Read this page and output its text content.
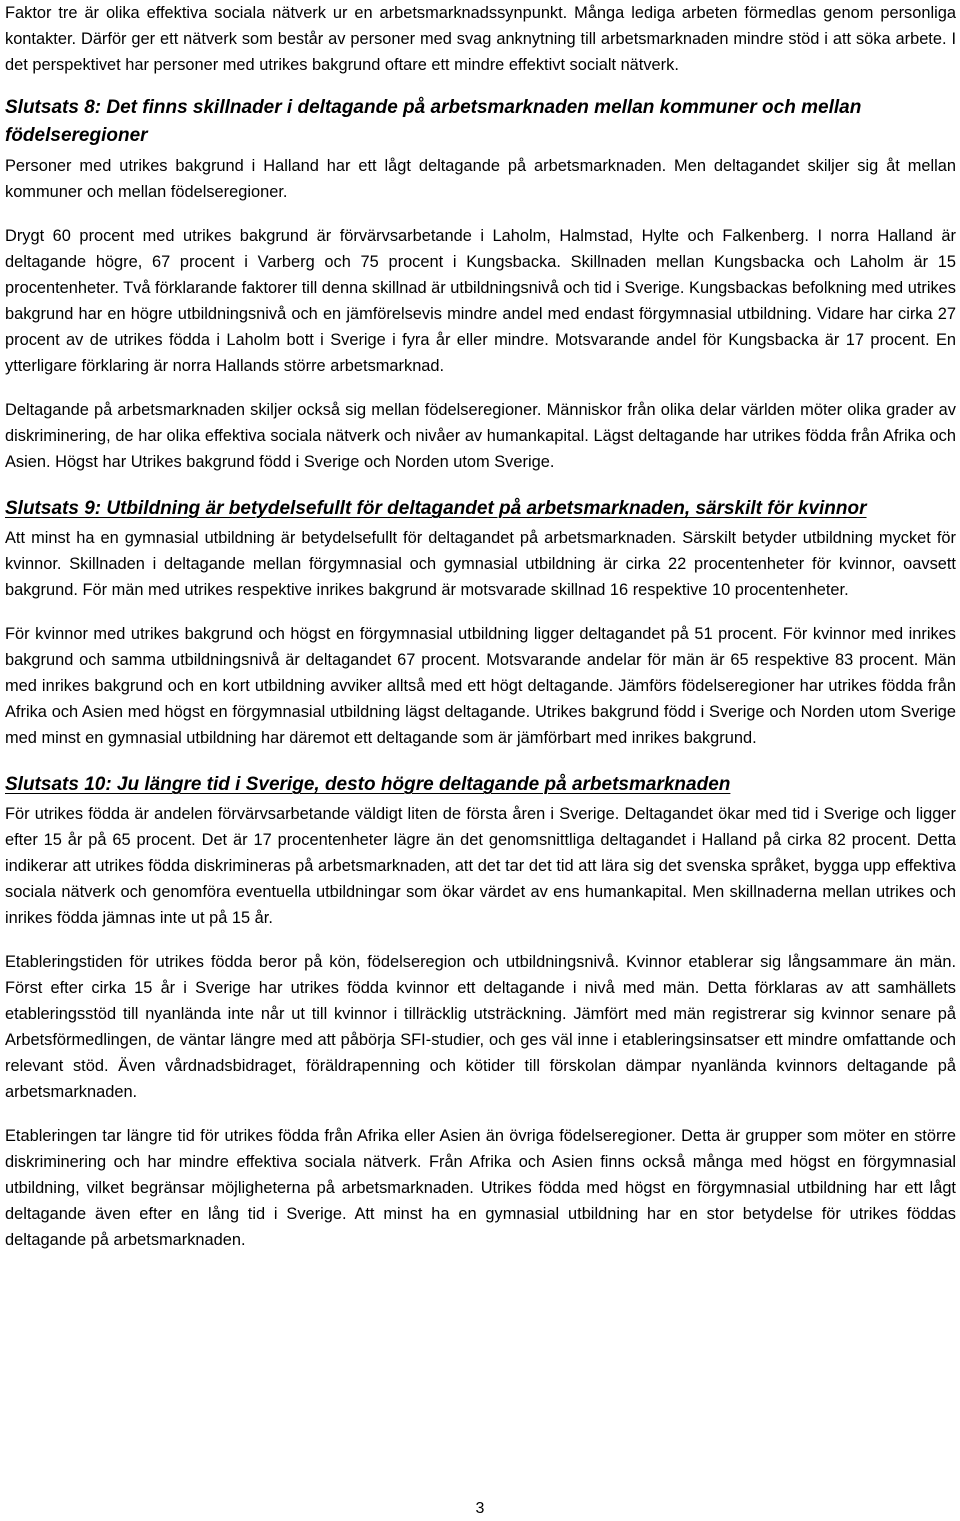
Faktor tre är olika effektiva sociala nätverk ur en arbetsmarknadssynpunkt. Många lediga arbeten förmedlas genom personliga kontakter. Därför ger ett nätverk som består av personer med svag anknytning till arbetsmarknaden mindre stöd i att söka arbete. I det perspektivet har personer med utrikes bakgrund oftare ett mindre effektivt socialt nätverk.

Slutsats 8: Det finns skillnader i deltagande på arbetsmarknaden mellan kommuner och mellan födelseregioner

Personer med utrikes bakgrund i Halland har ett lågt deltagande på arbetsmarknaden. Men deltagandet skiljer sig åt mellan kommuner och mellan födelseregioner.

Drygt 60 procent med utrikes bakgrund är förvärvsarbetande i Laholm, Halmstad, Hylte och Falkenberg. I norra Halland är deltagande högre, 67 procent i Varberg och 75 procent i Kungsbacka. Skillnaden mellan Kungsbacka och Laholm är 15 procentenheter. Två förklarande faktorer till denna skillnad är utbildningsnivå och tid i Sverige. Kungsbackas befolkning med utrikes bakgrund har en högre utbildningsnivå och en jämförelsevis mindre andel med endast förgymnasial utbildning. Vidare har cirka 27 procent av de utrikes födda i Laholm bott i Sverige i fyra år eller mindre. Motsvarande andel för Kungsbacka är 17 procent. En ytterligare förklaring är norra Hallands större arbetsmarknad.

Deltagande på arbetsmarknaden skiljer också sig mellan födelseregioner. Människor från olika delar världen möter olika grader av diskriminering, de har olika effektiva sociala nätverk och nivåer av humankapital. Lägst deltagande har utrikes födda från Afrika och Asien. Högst har Utrikes bakgrund född i Sverige och Norden utom Sverige.

Slutsats 9: Utbildning är betydelsefullt för deltagandet på arbetsmarknaden, särskilt för kvinnor

Att minst ha en gymnasial utbildning är betydelsefullt för deltagandet på arbetsmarknaden. Särskilt betyder utbildning mycket för kvinnor. Skillnaden i deltagande mellan förgymnasial och gymnasial utbildning är cirka 22 procentenheter för kvinnor, oavsett bakgrund. För män med utrikes respektive inrikes bakgrund är motsvarade skillnad 16 respektive 10 procentenheter.

För kvinnor med utrikes bakgrund och högst en förgymnasial utbildning ligger deltagandet på 51 procent. För kvinnor med inrikes bakgrund och samma utbildningsnivå är deltagandet 67 procent. Motsvarande andelar för män är 65 respektive 83 procent. Män med inrikes bakgrund och en kort utbildning avviker alltså med ett högt deltagande. Jämförs födelseregioner har utrikes födda från Afrika och Asien med högst en förgymnasial utbildning lägst deltagande. Utrikes bakgrund född i Sverige och Norden utom Sverige med minst en gymnasial utbildning har däremot ett deltagande som är jämförbart med inrikes bakgrund.

Slutsats 10: Ju längre tid i Sverige, desto högre deltagande på arbetsmarknaden

För utrikes födda är andelen förvärvsarbetande väldigt liten de första åren i Sverige. Deltagandet ökar med tid i Sverige och ligger efter 15 år på 65 procent. Det är 17 procentenheter lägre än det genomsnittliga deltagandet i Halland på cirka 82 procent. Detta indikerar att utrikes födda diskrimineras på arbetsmarknaden, att det tar det tid att lära sig det svenska språket, bygga upp effektiva sociala nätverk och genomföra eventuella utbildningar som ökar värdet av ens humankapital. Men skillnaderna mellan utrikes och inrikes födda jämnas inte ut på 15 år.

Etableringstiden för utrikes födda beror på kön, födelseregion och utbildningsnivå. Kvinnor etablerar sig långsammare än män. Först efter cirka 15 år i Sverige har utrikes födda kvinnor ett deltagande i nivå med män. Detta förklaras av att samhällets etableringsstöd till nyanlända inte når ut till kvinnor i tillräcklig utsträckning. Jämfört med män registrerar sig kvinnor senare på Arbetsförmedlingen, de väntar längre med att påbörja SFI-studier, och ges väl inne i etableringsinsatser ett mindre omfattande och relevant stöd. Även vårdnadsbidraget, föräldrapenning och kötider till förskolan dämpar nyanlända kvinnors deltagande på arbetsmarknaden.

Etableringen tar längre tid för utrikes födda från Afrika eller Asien än övriga födelseregioner. Detta är grupper som möter en större diskriminering och har mindre effektiva sociala nätverk. Från Afrika och Asien finns också många med högst en förgymnasial utbildning, vilket begränsar möjligheterna på arbetsmarknaden. Utrikes födda med högst en förgymnasial utbildning har ett lågt deltagande även efter en lång tid i Sverige. Att minst ha en gymnasial utbildning har en stor betydelse för utrikes föddas deltagande på arbetsmarknaden.

3
